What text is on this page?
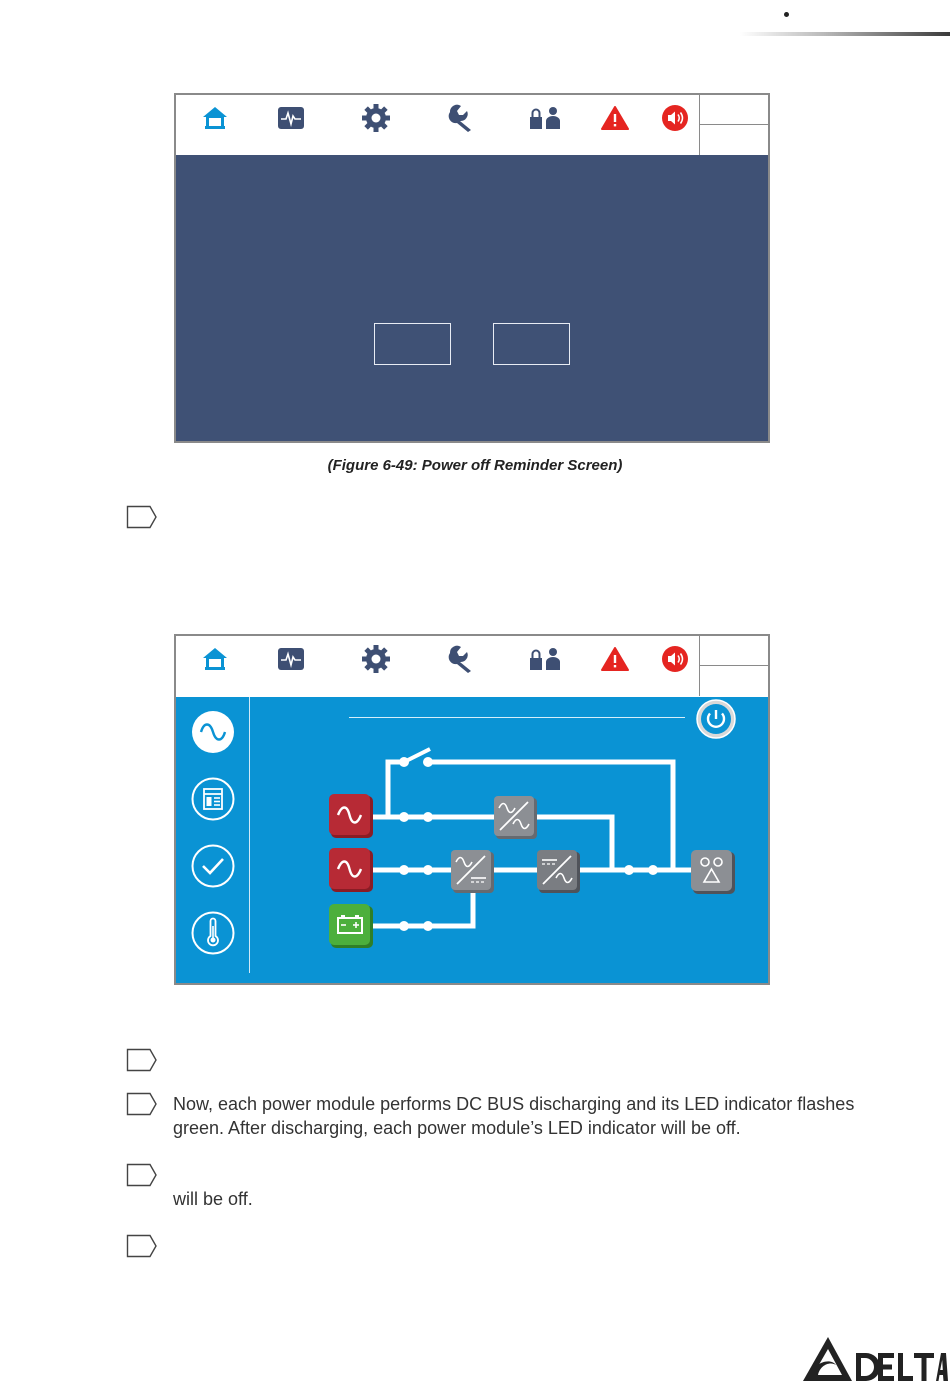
(Figure 6-49: Power off Reminder Screen)
Now, each power module performs DC BUS discharging and its LED indicator flashes
green. After discharging, each power module’s LED indicator will be off.
will be off.
